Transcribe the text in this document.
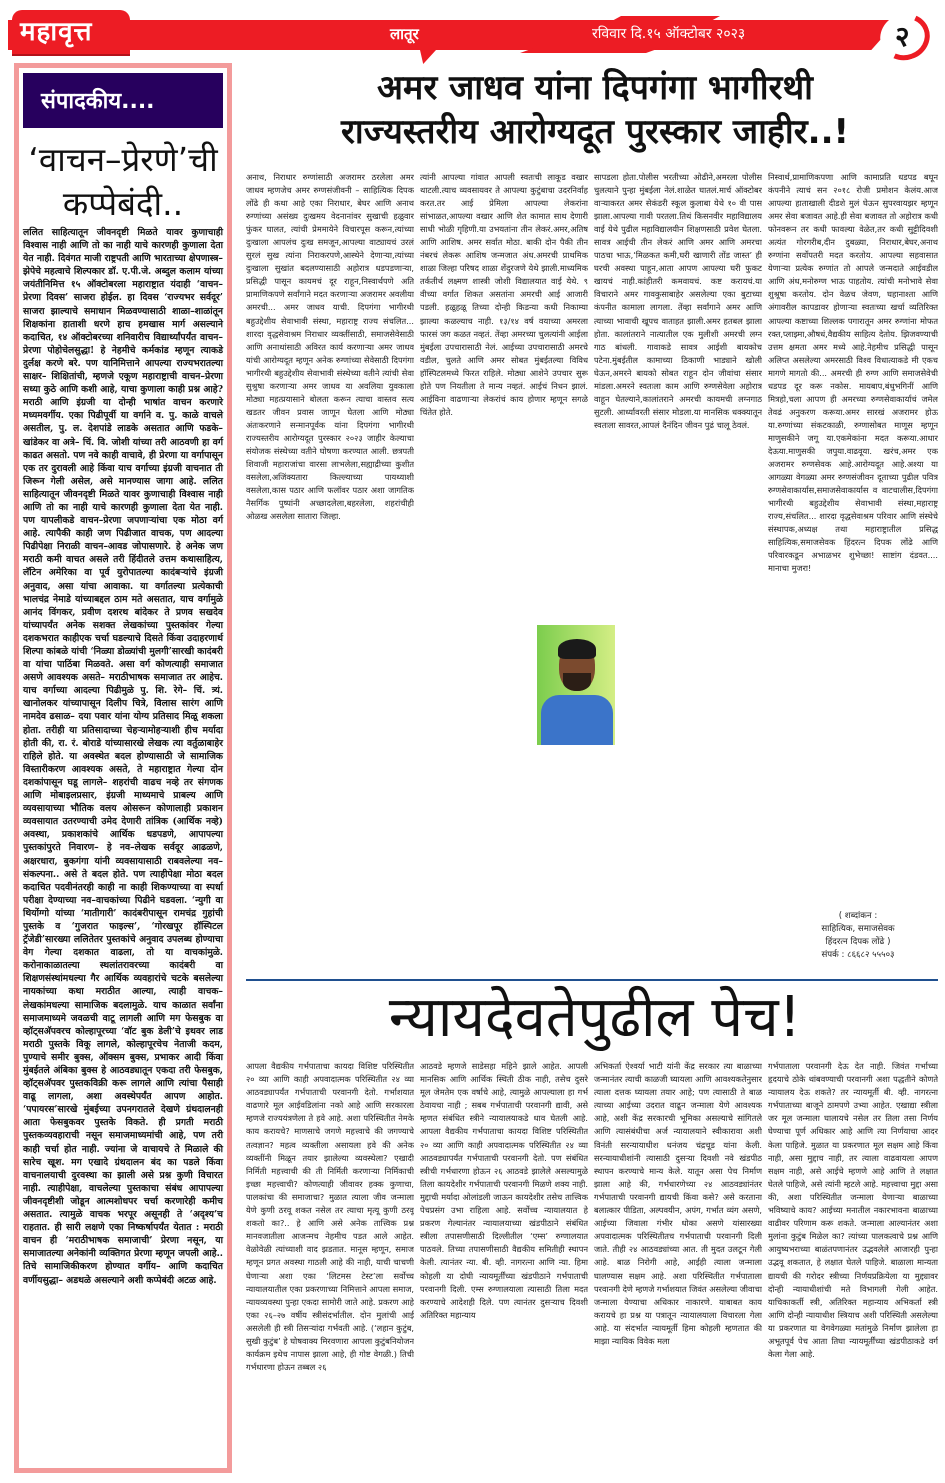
महावृत्त	लातूर	रविवार दि.१५ ऑक्टोबर २०२३	२
संपादकीय....
‘वाचन–प्रेरणे’ची
कप्पेबंदी..
ललित साहित्यातून जीवनदृष्टी मिळते यावर कुणाचाही विश्वास नाही आणि तो का नाही याचे कारणही कुणाला देता येत नाही. दिवंगत माजी राष्ट्रपती आणि भारताच्या क्षेपणास्त्र–झेपेचे महत्वाचे शिल्पकार डॉ. ए.पी.जे. अब्दुल कलाम यांच्या जयंतीनिमित्त १५ ऑक्टोबरला महाराष्ट्रात यंदाही ‘वाचन–प्रेरणा दिवस’ साजरा होईल. हा दिवस ‘राज्यभर सर्वदूर’ साजरा झाल्याचे समाधान मिळवण्यासाठी शाळा–शाळांतून शिक्षकांना हाताशी धरणे हाच हमखास मार्ग असल्याने कदाचित, १४ ऑक्टोबरच्या शनिवारीच विद्यार्थ्यांपर्यंत वाचन–प्रेरणा पोहोचेलसुद्धा! हे नेहमीचे कर्मकांड म्हणून त्याकडे दुर्लक्ष करणे बरे. पण यानिमित्ताने आपल्या राज्यभरातल्या साक्षर– शिक्षितांची, म्हणजे एकूण महाराष्ट्राची वाचन–प्रेरणा सध्या कुठे आणि कशी आहे, याचा कुणाला काही प्रश्न आहे? मराठी आणि इंग्रजी या दोन्ही भाषांत वाचन करणारे मध्यमवर्गीय. एका पिढीपूर्वी या वर्गाने व. पु. काळे वाचले असतील, पु. ल. देशपांडे लाडके असतात आणि फडके–खांडेकर वा अत्रे– चिं. वि. जोशी यांच्या तरी आठवणी हा वर्ग काढत असतो. पण नवे काही वाचावे, ही प्रेरणा या वर्गापासून एक तर दुरावली आहे किंवा याच वर्गाच्या इंग्रजी वाचनात ती जिरून गेली असेल, असे मानण्यास जागा आहे. ललित साहित्यातून जीवनदृष्टी मिळते यावर कुणाचाही विश्वास नाही आणि तो का नाही याचे कारणही कुणाला देता येत नाही. पण यापलीकडे वाचन–प्रेरणा जपणाऱ्यांचा एक मोठा वर्ग आहे. त्यापैकी काही जण पिढीजात वाचक, पण आदल्या पिढीपेक्षा निराळी वाचन–आवड जोपासणारे. हे अनेक जण मराठी कमी वाचत असले तरी हिंदीतले उत्तम कथासाहित्य, लॅटिन अमेरिका वा पूर्व युरोपातल्या कादंबऱ्यांचे इंग्रजी अनुवाद, असा यांचा आवाका. या वर्गातल्या प्रत्येकाची भालचंद्र नेमाडे यांच्याबद्दल ठाम मते असतात, याच वर्गामुळे आनंद विंगकर, प्रवीण दशरथ बांदेकर ते प्रणव सखदेव यांच्यापर्यंत अनेक सशक्त लेखकांच्या पुस्तकांवर गेल्या दशकभरात काहीएक चर्चा घडल्याचे दिसते किंवा उदाहरणार्थ शिल्पा कांबळे यांची ‘निळ्या डोळ्यांची मुलगी’सारखी कादंबरी वा यांचा पाठिंबा मिळवते. असा वर्ग कोणत्याही समाजात असणे आवश्यक असते– मराठीभाषक समाजात तर आहेच. याच वर्गाच्या आदल्या पिढीमुळे पु. शि. रेगे– चिं. त्र्यं. खानोलकर यांच्यापासून दिलीप चित्रे, विलास सारंग आणि नामदेव ढसाळ– दया पवार यांना योग्य प्रतिसाद मिळू शकला होता. तरीही या प्रतिसादाच्या चेहऱ्यामोहऱ्याशी हीच मर्यादा होती की, रा. रं. बोराडे यांच्यासारखे लेखक त्या वर्तुळाबाहेर राहिले होते. या अवस्थेत बदल होण्यासाठी जे सामाजिक विस्तारीकरण आवश्यक असते, ते महाराष्ट्रात गेल्या दोन दशकांपासून घडू लागले– शहरांची वाढच नव्हे तर संगणक आणि मोबाइलप्रसार, इंग्रजी माध्यमाचे प्राबल्य आणि व्यवसायाच्या भौतिक वलय ओसरून कोणालाही प्रकाशन व्यवसायात उतरण्याची उमेद देणारी तांत्रिक (आर्थिक नव्हे) अवस्था, प्रकाशकांचे आर्थिक धडपडणे, आपापल्या पुस्तकांपुरते निवारण– हे नव–लेखक सर्वदूर आढळणे, अक्षरधारा, बुकगंगा यांनी व्यवसायासाठी राबवलेल्या नव–संकल्पना.. असे ते बदल होते. पण त्याहीपेक्षा मोठा बदल कदाचित पदवीनंतरही काही ना काही शिकण्याच्या वा स्पर्धा परीक्षा देण्याच्या नव–वाचकांच्या पिढीने घडवला. ‘न्युगी वा थियोंग्गो यांच्या ‘मातीगारी’ कादंबरीपासून रामचंद्र गुहांची पुस्तके व ‘गुजरात फाइल्स’, ‘गोरखपूर हॉस्पिटल ट्रॅजेडी’सारख्या ललितेतर पुस्तकांचे अनुवाद उपलब्ध होण्याचा वेग गेल्या दशकात वाढला, तो या वाचकांमुळे. करोनाकाळातल्या स्थलांतरावरच्या कादंबरी वा शिक्षणसंस्थांमधल्या गैर आर्थिक व्यवहारांचे चटके बसलेल्या नायकांच्या कथा मराठीत आल्या, त्याही वाचक–लेखकांमधल्या सामाजिक बदलामुळे. याच काळात सर्वांना समाजमाध्यमे जवळची वाटू लागली आणि मग फेसबुक वा व्हॉट्सअ‍ॅपवरच कोल्हापूरच्या ‘वॉट बुक डेली’चे इथवर लाड मराठी पुस्तके विकू लागले, कोल्हापूरचेच नेताजी कदम, पुण्याचे समीर बुक्स, ऑक्सम बुक्स, प्रभाकर आदी किंवा मुंबईतले अंबिका बुक्स हे आठवड्यातून एकदा तरी फेसबुक, व्हॉट्सअ‍ॅपवर पुस्तकविक्री करू लागले आणि त्यांचा पैसाही वाढू लागला, अशा अवस्थेपर्यंत आपण आहोत. ‘पपायरस’सारखे मुंबईच्या उपनगरातले देखणे ग्रंथदालनही आता फेसबुकवर पुस्तके विकते. ही प्रगती मराठी पुस्तकव्यवहाराची नसून समाजमाध्यमांची आहे, पण तरी काही चर्चा होत नाही. ज्यांना जे वाचायचे ते मिळाले की सारेच खूश. मग एखादे ग्रंथदालन बंद का पडले किंवा वाचनालयाची दुरवस्था का झाली असे प्रश्न कुणी विचारत नाही. त्याहीपेक्षा, वाचलेल्या पुस्तकाचा संबंध आपापल्या जीवनदृष्टीशी जोडून आत्मशोधपर चर्चा करणारेही कमीच असतात. त्यामुळे वाचक भरपूर असूनही ते ‘अदृश्य’च राहतात. ही सारी लक्षणे एका निष्कर्षापर्यंत येतात : मराठी वाचन ही ‘मराठीभाषक समाजाची’ प्रेरणा नसून, या समाजातल्या अनेकांनी व्यक्तिगत प्रेरणा म्हणून जपली आहे.. तिचे सामाजिकीकरण होण्यात वर्गीय– आणि कदाचित वर्णीयसुद्धा– अडथळे असल्याने अशी कप्पेबंदी अटळ आहे.
अमर जाधव यांना दिपगंगा भागीरथी
राज्यस्तरीय आरोग्यदूत पुरस्कार जाहीर..!
अनाथ, निराधार रुग्णांसाठी अजरामर ठरलेला अमर जाधव म्हणजेच अमर रुग्णसंजीवनी – साहित्यिक दिपक लोंढे ही कथा आहे एका निराधार, बेघर आणि अनाथ रुग्णांच्या असंख्य दुःखमय वेदनानांवर सुखाची हळुवार फुंकर घालत, त्यांची प्रेममायेने विचारपूस करून,त्यांच्या दुःखाला आपलंच दुःख समजून,आपल्या वाट्यायचं उरलं सुरलं सुख त्यांना निराकरपणे,आस्थेने देणाऱ्या,त्यांच्या दुःखाला सुखांत बदलण्यासाठी अहोरात्र धडपडणाऱ्या, प्रसिद्धी पासून कायमचं दूर राहून,निस्वार्थपणे अति प्रामाणिकपणे सर्वांगाने मदत करणाऱ्या अजरामर अवलीया अमरची... अमर जाधव याची. दिपगंगा भागीरथी बहुउद्देशीय सेवाभावी संस्था, महाराष्ट्र राज्य संचलित... शारदा वृद्धसेवाश्रम निराधार व्यक्तींसाठी, समाजसेवेसाठी आणि अनाथांसाठी अविरत कार्य करणाऱ्या अमर जाधव यांची आरोग्यदूत म्हणून अनेक रुग्णांच्या सेवेसाठी दिपगंगा भागीरथी बहुउद्देशीय सेवाभावी संस्थेच्या वतीने त्यांची सेवा सुश्रुषा करणाऱ्या अमर जाधव या अवलिया युवकाला मोठ्या महत्प्रयासाने बोलता करून त्याचा वास्तव सत्य खडतर जीवन प्रवास जाणून घेतला आणि मोठ्या अंतःकरणाने सन्मानपूर्वक यांना दिपगंगा भागीरथी राज्यस्तरीय आरोग्यदूत पुरस्कार २०२३ जाहीर केल्याचा संयोजक संस्थेच्या वतीने घोषणा करण्यात आली. छत्रपती शिवाजी महाराजांचा वारसा लाभलेला,सह्याद्रीच्या कुशीत वसलेला,अजिंक्यतारा किल्ल्याच्या पायथ्याशी वसलेला,कास पठार आणि फलॉवर पठार अशा जागतिक नैसर्गिक पुष्पांनी अच्छादलेला,बहरलेला, शहरांचीही ओळख असलेला सातारा जिल्हा.
त्यांनी आपल्या गांवात आपली स्वतःची लाकूड वखार थाटली.त्याच व्यवसायवर ते आपल्या कुटुंबाचा उदरनिर्वाह करत.तर आई प्रेमिला आपल्या लेकरांना सांभाळत,आपल्या वखार आणि शेत कामात साथ देणारी साधी भोळी गृहिणी.या उभयतांना तीन लेकरं.अमर,अतिष आणि आशिष. अमर सर्वात मोठा. बाकी दोन पैकी तीन नंबरचं लेकरू आशिष जन्मजात अंध.अमरची प्राथमिक शाळा जिल्हा परिषद शाळा शेंदुरजणे येथे झाली.माध्यमिक तर्कतीर्थ लक्ष्मण शास्त्री जोशी विद्यालयात वाई येथे. ९ वीच्या वर्गात शिकत असतांना अमरची आई आजारी पडली. हळूहळू तिच्या दोन्ही किडन्या कधी निकाम्या झाल्या कळल्याच नाही. १३/१४ वर्ष वयाच्या अमरला फारसं जग कळत नव्हतं. तेंव्हा अमरच्या चुलत्यांनी आईला मुंबईला उपचारासाठी नेलं. आईच्या उपचारासाठी अमरचे वडील, चुलते आणि अमर सोबत मुंबईतल्या विविध हॉस्पिटलमध्ये फिरत राहिले. मोठ्या आशेने उपचार सुरू होते पण नियतीला ते मान्य नव्हतं. आईचं निधन झालं. आईविना वाढणाऱ्या लेकरांचं काय होणार म्हणून सगळे चिंतेत होते.
सापडला होता.पोलीस भरतीच्या ओढीने,अमरला पोलीस चुलत्याने पुन्हा मुंबईला नेलं.शाळेत घातलं.मार्च ऑक्टोबर वाऱ्याकरत अमर सेकंडरी स्कूल कुलाबा येथे १० वी पास झाला.आपल्या गावी परतला.तिथं किसनवीर महाविद्यालय वाई येथे पुढील महाविद्यालयीन शिक्षणसाठी प्रवेश घेतला. सावत्र आईची तीन लेकरं आणि अमर आणि अमरचा पाठचा भाऊ,‘मिळकत कमी,घरी खाणारी तोंड जास्त’ ही घरची अवस्था पाहून,आता आपण आपल्या घरी फुकट खायचं नाही.कांहीतरी कमवायचं. कष्ट करायचं.या विचाराने अमर गावकुसाबाहेर असलेल्या एका बुटाच्या कंपनीत कामाला लागला. तेंव्हा सर्वांगाने अमर आणि त्याच्या भावाची खूपच वाताहत झाली.अमर हतबल झाला होता. कालांतराने नात्यातील एक मुलीशी अमरची लग्न गाठ बांधली. गावाकडे सावत्र आईशी बायकोच पटेना.मुंबईतील कामाच्या ठिकाणी भाड्याने खोली घेऊन,अमरने बायको सोबत राहून दोन जीवांचा संसार मांडला.अमरने स्वतःला काम आणि रुग्णसेवेला अहोरात्र वाहून घेतल्याने,कालांतराने अमरची कायमची लग्नगाठ सुटली. आर्ध्यावरती संसार मोडला.या मानसिक धक्क्यातून स्वतःला सावरत,आपलं दैनंदिन जीवन पुढं चालू ठेवलं.
निस्वार्थ,प्रामाणिकपणा आणि कामाप्रति धडपड बघून कंपनीने त्याचं सन २०१८ रोजी प्रमोशन केलंय.आज आपल्या हाताखाली दीडशे मुलं घेऊन सुपरवायझर म्हणून अमर सेवा बजावत आहे.ही सेवा बजावत तो अहोरात्र कधी फोनवरून तर कधी फावल्या वेळेत,तर कधी सुट्टीदिवशी अत्यंत गोरगरीब,दीन दुबळ्या, निराधार,बेघर,अनाथ रुग्णांना सर्वोपतरी मदत करतोय. आपल्या सहवासात येणाऱ्या प्रत्येक रुग्णांत तो आपले जन्मदाते आईवडील आणि अंध,मनोरुग्ण भाऊ पाहतोय. त्यांची मनोभावे सेवा शुश्रूषा करतोय. दोन वेळच जेवण, घहानाश्ता आणि अंगावरील कापडावर होणाऱ्या स्वतःच्या खर्चा व्यतिरिक्त आपल्या कष्टाच्या शिल्लक पगारातून अमर रुग्णांना मोफत रक्त,प्लाझ्मा,औषधं,वैद्यकीय साहित्य देतोय. झिजवण्याची उत्तम क्षमता अमर मध्ये आहे.नेहमीच प्रसिद्धी पासून अलिप्त असलेल्या अमरसाठी विश्व विधात्याकडे मी एकच मागणे मागतो की... अमरची ही रुग्ण आणि समाजसेवेची धडपड दूर करू नकोस. मायबाप,बंधुभगिनीं आणि मित्रहो,चला आपण ही अमरच्या रुग्णसेवाकार्याचं जमेल तेवढं अनुकरण करूया.अमर सारखं अजरामर होऊ या.रुग्णांच्या संकटकाळी, रुग्णासोबत माणूस म्हणून माणुसकीने जगू या.एकमेकांना मदत करूया.आधार देऊया.माणुसकी जपुया.वाढवूया. खरंच,अमर एक अजरामर रुग्णसेवक आहे.आरोग्यदूत आहे.अश्या या आगळ्या वेगळ्या अमर रुग्णसंजीवन दूताच्या पुढील पवित्र रुग्णसेवाकार्यास,समाजसेवाकार्यास व वाटचालीस,दिपगंगा भागीरथी बहुउद्देशीय सेवाभावी संस्था,महाराष्ट्र राज्य,संचलित... शारदा वृद्धसेवाश्रम परिवार आणि संस्थेचे संस्थापक,अध्यक्ष तथा महाराष्ट्रातील प्रसिद्ध साहित्यिक,समाजसेवक हिंदरत्न दिपक लोंढे आणि परिवारकडून अभाळभर शुभेच्छा! साष्टांग दंडवत.... मानाचा मुजरा!
( शब्दांकन :
साहित्यिक, समाजसेवक
हिंदरत्न दिपक लोंढे )
संपर्क : ८६६८२ ५५५०३
न्यायदेवतेपुढील पेच!
आपला वैद्यकीय गर्भपाताचा कायदा विशिष्ट परिस्थितीत २० व्या आणि काही अपवादात्मक परिस्थितीत २४ व्या आठवड्यापर्यंत गर्भपाताची परवानगी देतो. गर्भाशयात वाढणारे मूल आईवडिलांना नको आहे आणि सरकारला म्हणजे राज्ययंत्रणेला ते हवे आहे. अशा परिस्थितीत नेमके काय करायचे? माणसाचे जगणे महत्त्वाचे की जगण्याचे तत्वज्ञान? महत्व व्यक्तीला असायला हवे की अनेक व्यक्तींनी मिळून तयार झालेल्या व्यवस्थेला? एखादी निर्मिती महत्त्वाची की ती निर्मिती करणाऱ्या निर्मिकाची इच्छा महत्त्वाची? कोणत्याही जीवावर हक्क कुणाचा, पालकांचा की समाजाचा? मुळात त्याला जीव जन्माला येणे कुणी ठरवू शकत नसेल तर त्याचा मृत्यू कुणी ठरवू शकतो का?.. हे आणि असे अनेक तात्त्विक प्रश्न मानवजातीला आजन्मच नेहमीच पडत आले आहेत. वेळोवेळी त्यांच्याशी वाद झडतात. मानूस म्हणून, समाज म्हणून प्रगत अवस्था गाठली आहे की नाही, याची चाचणी घेणाऱ्या अशा एका ‘लिटमस टेस्ट’ला सर्वोच्च न्यायालयातील एका प्रकरणाच्या निमित्ताने आपला समाज, न्यायव्यवस्था पुन्हा एकदा सामोरी जाते आहे. प्रकरण आहे एका २६–२७ वर्षीय स्त्रीसंदर्भातील. दोन मुलांची आई असलेली ही स्त्री तिसऱ्यांदा गर्भवती आहे. (‘लहान कुटुंब, सुखी कुटुंब’ हे घोषवाक्य मिरवणारा आपला कुटुंबनियोजन कार्यक्रम इथेच नापास झाला आहे, ही गोष्ट वेगळी.) तिची गर्भधारणा होऊन तब्बल २६
आठवडे म्हणजे साडेसहा महिने झाले आहेत. आपली मानसिक आणि आर्थिक स्थिती ठीक नाही, तसेच दुसरे मूल जेमतेम एक वर्षाचे आहे, त्यामुळे आपल्याला हा गर्भ ठेवायचा नाही ; सबब गर्भपाताची परवानगी द्यावी, असे म्हणत संबंधित स्त्रीने न्यायालयाकडे धाव घेतली आहे. आपला वैद्यकीय गर्भपाताचा कायदा विशिष्ट परिस्थितीत २० व्या आणि काही अपवादात्मक परिस्थितीत २४ व्या आठवड्यापर्यंत गर्भपाताची परवानगी देतो. पण संबंधित स्त्रीची गर्भधारणा होऊन २६ आठवडे झालेले असल्यामुळे तिला कायदेशीर गर्भपाताची परवानगी मिळणे शक्य नाही. मुद्दाची मर्यादा ओलांडली जाऊन कायदेशीर तसेच तात्त्विक पेचप्रसंग उभा राहिला आहे. सर्वोच्च न्यायालयात हे प्रकरण गेल्यानंतर न्यायालयाच्या खंडपीठाने संबंधित स्त्रीला तपासणीसाठी दिल्लीतील ‘एम्स’ रुग्णालयात पाठवले. तिच्या तपासणीसाठी वैद्यकीय समितीही स्थापन केली. त्यानंतर न्या. बी. व्ही. नागरत्ना आणि न्या. हिमा कोहली या दोघी न्यायमूर्तींच्या खंडपीठाने गर्भपाताची परवानगी दिली. एम्स रुग्णालयाला त्यासाठी तिला मदत करण्याचे आदेशही दिले. पण त्यानंतर दुसऱ्याच दिवशी अतिरिक्त महान्याय
अभिकर्ता ऐश्वर्या भाटी यांनी केंद्र सरकार त्या बाळाच्या जन्मानंतर त्याची काळजी घ्यायला आणि आवश्यकतेनुसार त्याला दत्तक घ्यायला तयार आहे; पण त्यासाठी ते बाळ त्याच्या आईच्या उदरात वाढून जन्माला येणे आवश्यक आहे, अशी केंद्र सरकारची भूमिका असल्याचे सांगितले आणि त्यासंबंधीचा अर्ज न्यायालयाने स्वीकारावा अशी विनंती सरन्यायाधीश धनंजय चंद्रचूड यांना केली. सरन्यायाधीशांनी त्यासाठी दुसऱ्या दिवशी नवे खंडपीठ स्थापन करण्याचे मान्य केले. यातून असा पेच निर्माण झाला आहे की, गर्भधारणेच्या २४ आठवड्यांनंतर गर्भपाताची परवानगी द्यायची किंवा कसे? असे करताना बलात्कार पीडिता, अल्पवयीन, अपंग, गर्भात व्यंग असणे, आईच्या जिवाला गंभीर धोका असणे यांसारख्या अपवादात्मक परिस्थितीतच गर्भपाताची परवानगी दिली जाते. तीही २४ आठवड्यांच्या आत. ती मुदत उलटून गेली आहे. बाळ निरोगी आहे, आईही त्याला जन्माला घालण्यास सक्षम आहे. अशा परिस्थितीत गर्भपाताला परवानगी देणे म्हणजे गर्भाशयात जिवंत असलेल्या जीवाचा जन्माला येण्याचा अधिकार नाकारणे. याबाबत काय करायचे हा प्रश्न या पत्रातून न्यायालयाला विचारला गेला आहे. या संदर्भात न्यायमूर्ती हिमा कोहली म्हणतात की माझा न्यायिक विवेक मला
गर्भपाताला परवानगी देऊ देत नाही. जिवंत गर्भाच्या हृदयाचे ठोके थांबवण्याची परवानगी अशा पद्धतीने कोणते न्यायालय देऊ शकते? तर न्यायमूर्ती बी. व्ही. नागरत्ना गर्भपाताच्या बाजूने ठामपणे उभ्या आहेत. एखाद्या स्त्रीला जर मूल जन्माला घालायचे नसेल तर तिला तसा निर्णय घेण्याचा पूर्ण अधिकार आहे आणि त्या निर्णयाचा आदर केला पाहिजे. मुळात या प्रकरणात मूल सक्षम आहे किंवा नाही, असा मुद्दाच नाही, तर त्याला वाढवायला आपण सक्षम नाही, असे आईचे म्हणणे आहे आणि ते लक्षात घेतले पाहिजे, असे त्यांनी म्हटले आहे. महत्त्वाचा मुद्दा असा की, अशा परिस्थितीत जन्माला येणाऱ्या बाळाच्या भविष्याचे काय? आईच्या मनातील नकारभावना बाळाच्या वाढीवर परिणाम करू शकते. जन्माला आल्यानंतर अशा मुलांना कुटुंब मिळेल का? त्यांच्या पालकत्वाचे प्रश्न आणि आयुष्यभराच्या बाळंतपणानंतर उद्भवलेले आजारही पुन्हा उद्भवू शकतात, हे लक्षात घेतले पाहिजे. बाळाला मान्यता द्यायची की गरोदर स्त्रीच्या निर्णयप्रक्रियेला या मुद्द्यावर दोन्ही न्यायाधीशांची मते विभागली गेली आहेत. याचिकाकर्ती स्त्री, अतिरिक्त महान्याय अभिकर्ता स्त्री आणि दोन्ही न्यायाधीश स्त्रियाच अशी परिस्थिती असलेल्या या प्रकरणात या वेगवेगळ्या मतांमुळे निर्माण झालेला हा अभूतपूर्व पेच आता तिघा न्यायमूर्तींच्या खंडपीठाकडे वर्ग केला गेला आहे.
